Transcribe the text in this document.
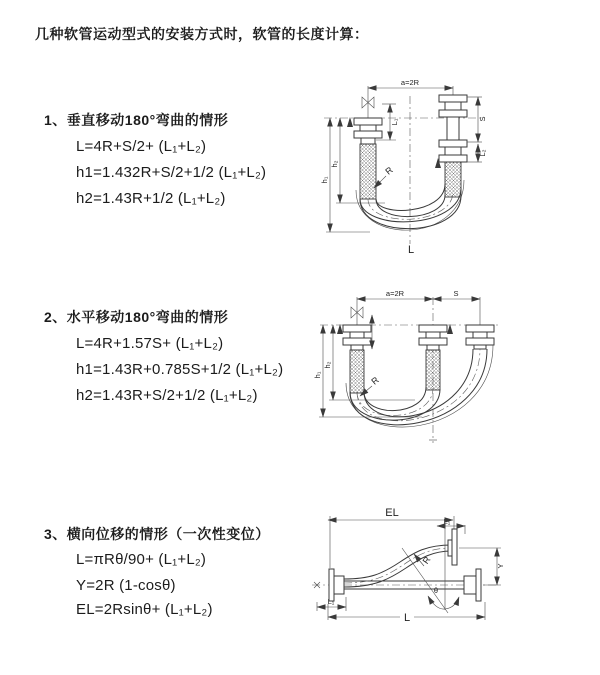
几种软管运动型式的安装方式时，软管的长度计算：
1、垂直移动180°弯曲的情形
L=4R+S/2+ (L₁+L₂)
h1=1.432R+S/2+1/2 (L₁+L₂)
h2=1.43R+1/2 (L₁+L₂)
2、水平移动180°弯曲的情形
L=4R+1.57S+ (L₁+L₂)
h1=1.43R+0.785S+1/2 (L₁+L₂)
h2=1.43R+S/2+1/2 (L₁+L₂)
3、横向位移的情形（一次性变位）
L=πRθ/90+ (L₁+L₂)
Y=2R (1-cosθ)
EL=2Rsinθ+ (L₁+L₂)
a=2R
L₁	S
L₂
h₁
h₂
R
L
a=2R	S
h₁
h₂
R
EL
L₁
Y
θ
R
L₁
L
